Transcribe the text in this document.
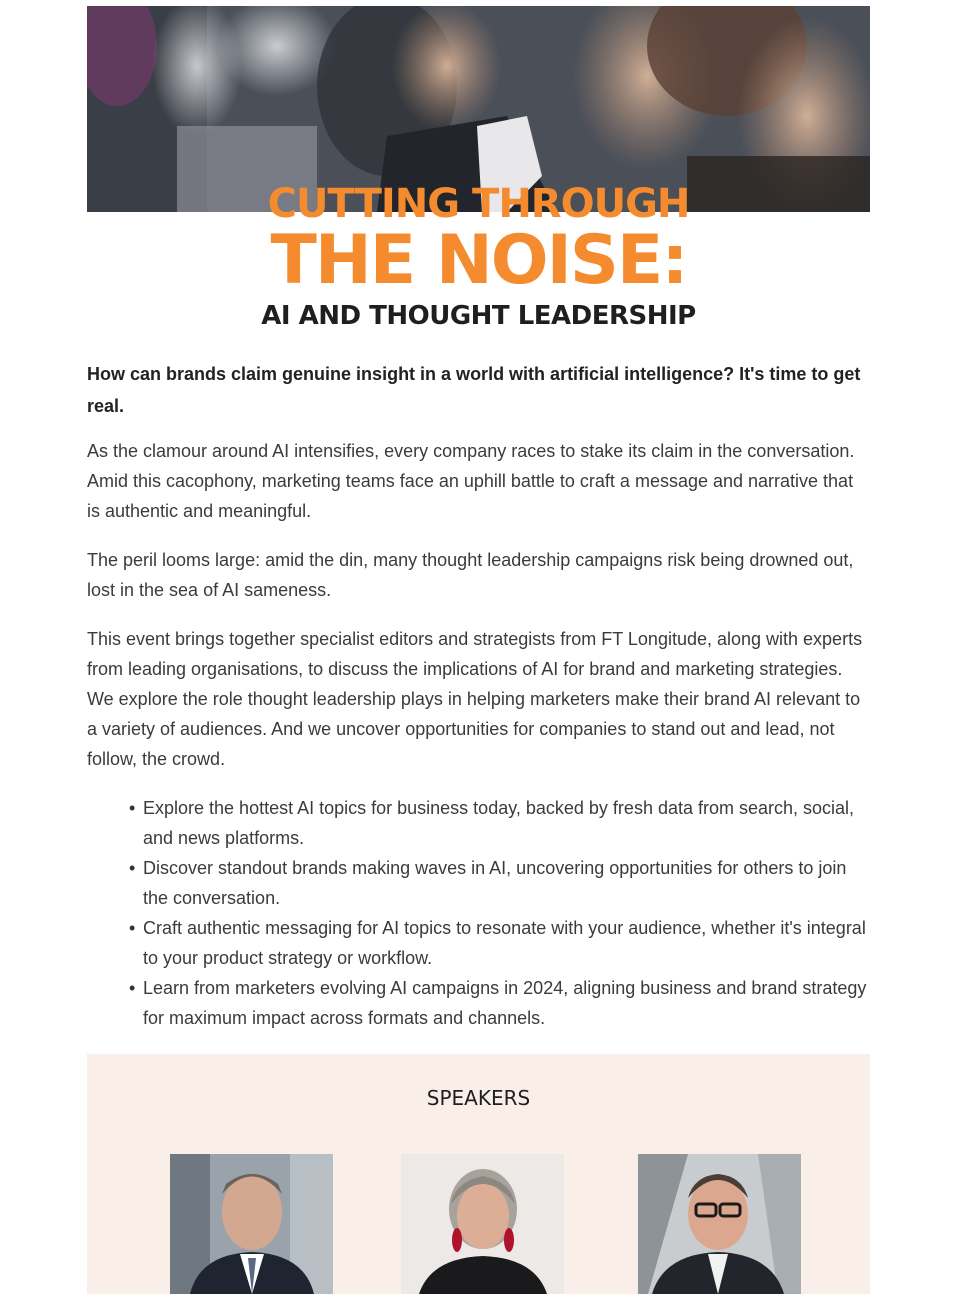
CUTTING THROUGH
THE NOISE:
AI AND THOUGHT LEADERSHIP

How can brands claim genuine insight in a world with artificial intelligence? It's time to get real.

As the clamour around AI intensifies, every company races to stake its claim in the conversation. Amid this cacophony, marketing teams face an uphill battle to craft a message and narrative that is authentic and meaningful.

The peril looms large: amid the din, many thought leadership campaigns risk being drowned out, lost in the sea of AI sameness.

This event brings together specialist editors and strategists from FT Longitude, along with experts from leading organisations, to discuss the implications of AI for brand and marketing strategies. We explore the role thought leadership plays in helping marketers make their brand AI relevant to a variety of audiences. And we uncover opportunities for companies to stand out and lead, not follow, the crowd.

• Explore the hottest AI topics for business today, backed by fresh data from search, social, and news platforms.
• Discover standout brands making waves in AI, uncovering opportunities for others to join the conversation.
• Craft authentic messaging for AI topics to resonate with your audience, whether it's integral to your product strategy or workflow.
• Learn from marketers evolving AI campaigns in 2024, aligning business and brand strategy for maximum impact across formats and channels.
SPEAKERS
